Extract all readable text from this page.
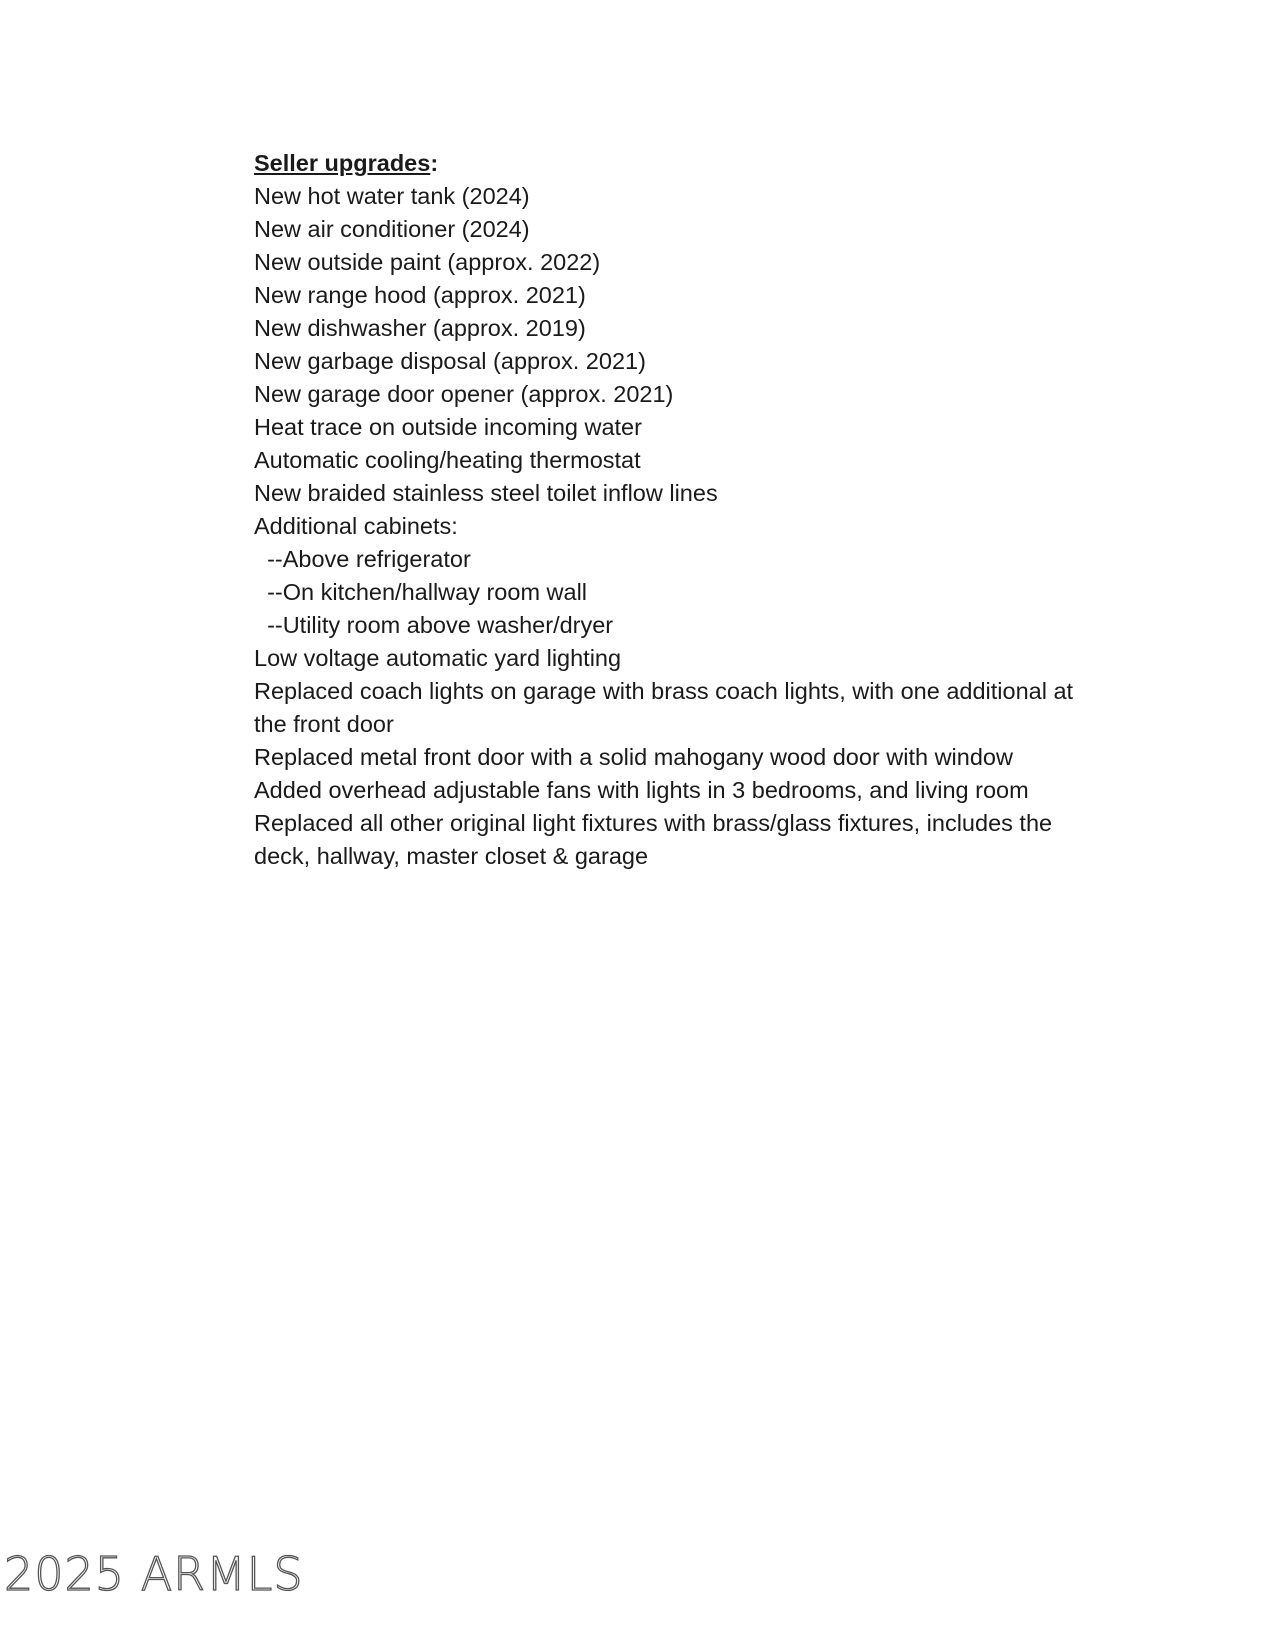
Seller upgrades:
New hot water tank (2024)
New air conditioner (2024)
New outside paint (approx. 2022)
New range hood (approx. 2021)
New dishwasher (approx. 2019)
New garbage disposal (approx. 2021)
New garage door opener (approx. 2021)
Heat trace on outside incoming water
Automatic cooling/heating thermostat
New braided stainless steel toilet inflow lines
Additional cabinets:
--Above refrigerator
--On kitchen/hallway room wall
--Utility room above washer/dryer
Low voltage automatic yard lighting
Replaced coach lights on garage with brass coach lights, with one additional at the front door
Replaced metal front door with a solid mahogany wood door with window
Added overhead adjustable fans with lights in 3 bedrooms, and living room
Replaced all other original light fixtures with brass/glass fixtures, includes the deck, hallway, master closet & garage
2025 ARMLS
